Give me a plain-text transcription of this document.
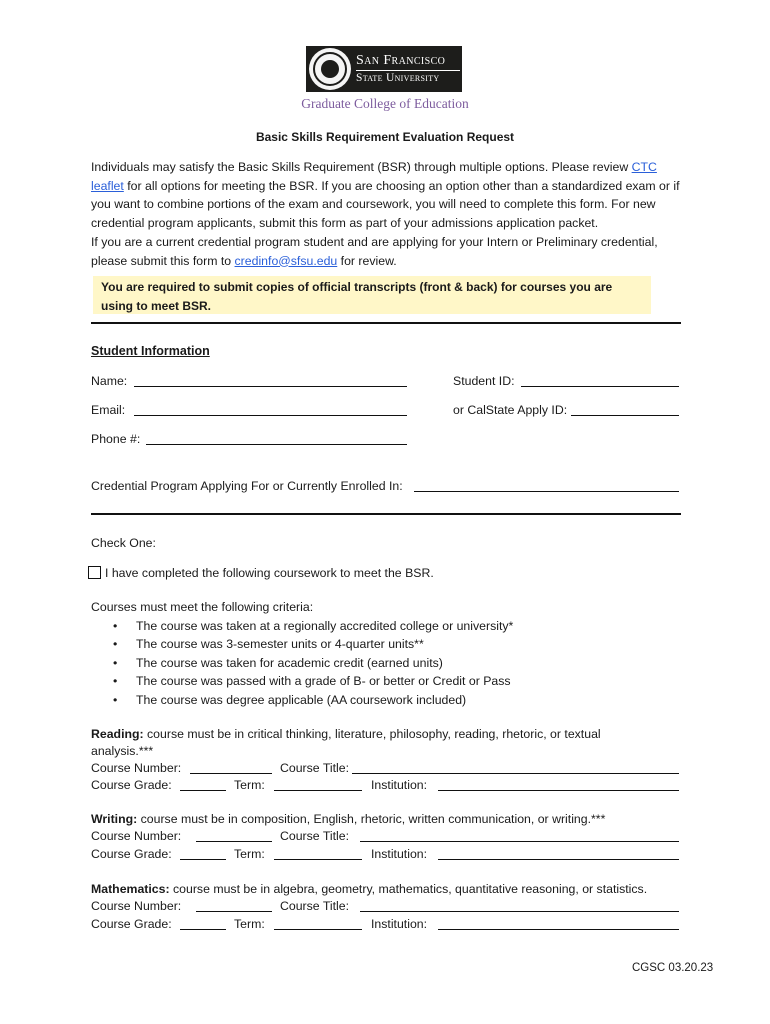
San Francisco
State University
Graduate College of Education
Basic Skills Requirement Evaluation Request
Individuals may satisfy the Basic Skills Requirement (BSR) through multiple options. Please review CTC leaflet for all options for meeting the BSR. If you are choosing an option other than a standardized exam or if you want to combine portions of the exam and coursework, you will need to complete this form. For new credential program applicants, submit this form as part of your admissions application packet.
If you are a current credential program student and are applying for your Intern or Preliminary credential, please submit this form to credinfo@sfsu.edu for review.
You are required to submit copies of official transcripts (front & back) for courses you are using to meet BSR.
Student Information
Name:	Student ID:
Email:	or CalState Apply ID:
Phone #:
Credential Program Applying For or Currently Enrolled In:
Check One:
I have completed the following coursework to meet the BSR.
Courses must meet the following criteria:
• The course was taken at a regionally accredited college or university*
• The course was 3-semester units or 4-quarter units**
• The course was taken for academic credit (earned units)
• The course was passed with a grade of B- or better or Credit or Pass
• The course was degree applicable (AA coursework included)
Reading: course must be in critical thinking, literature, philosophy, reading, rhetoric, or textual analysis.***
Course Number:	Course Title:
Course Grade:	Term:	Institution:
Writing: course must be in composition, English, rhetoric, written communication, or writing.***
Course Number:	Course Title:
Course Grade:	Term:	Institution:
Mathematics: course must be in algebra, geometry, mathematics, quantitative reasoning, or statistics.
Course Number:	Course Title:
Course Grade:	Term:	Institution:
CGSC 03.20.23
